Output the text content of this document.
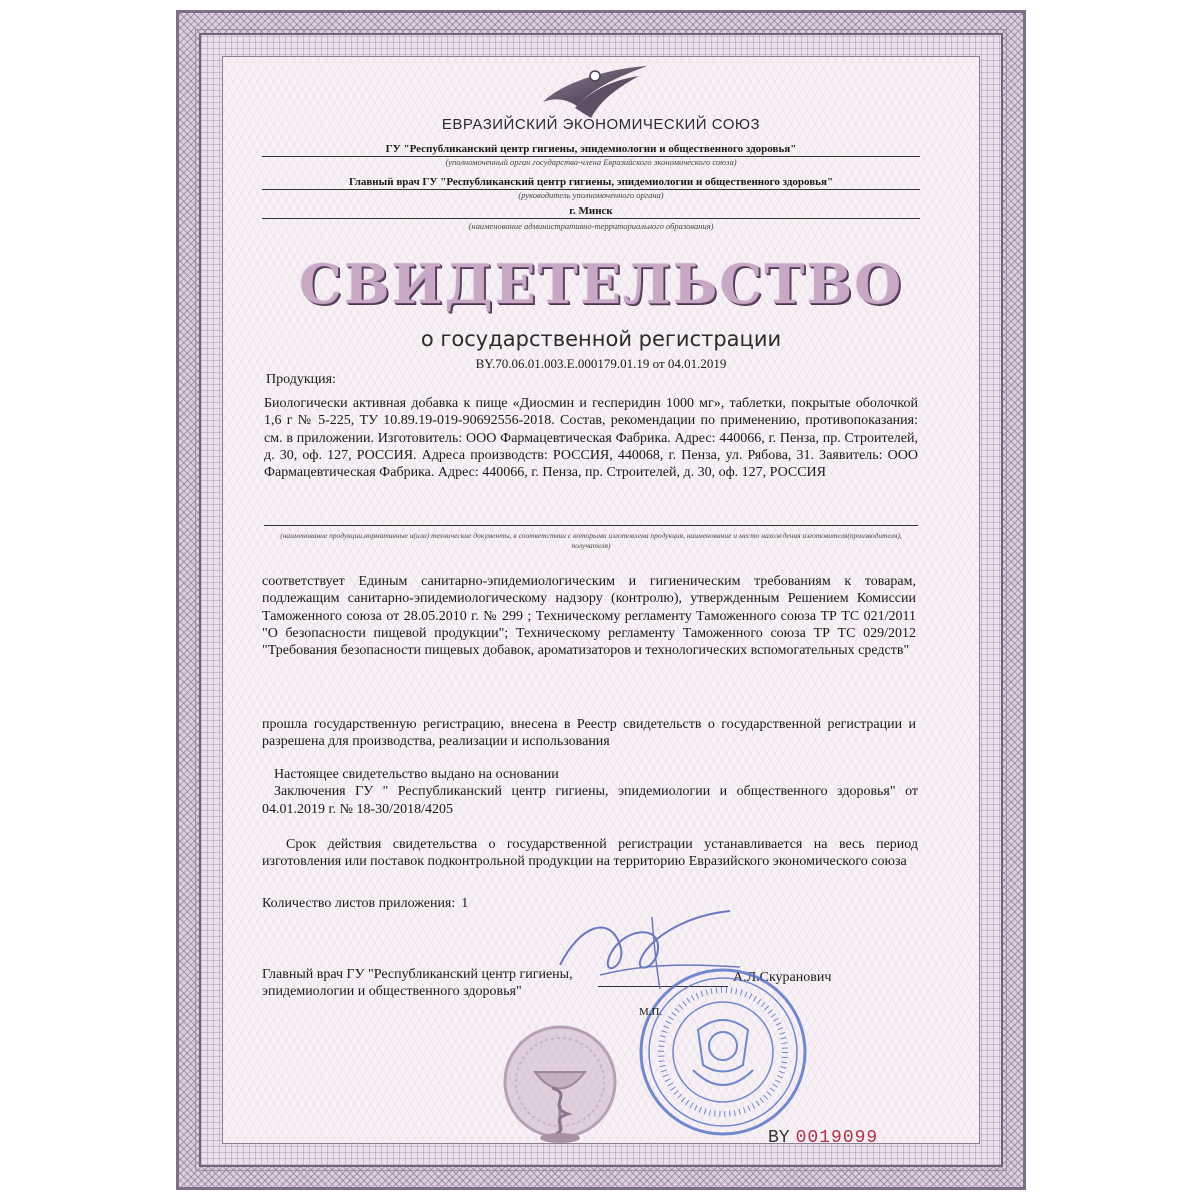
ЕВРАЗИЙСКИЙ ЭКОНОМИЧЕСКИЙ СОЮЗ
ГУ "Республиканский центр гигиены, эпидемиологии и общественного здоровья"
(уполномоченный орган государства-члена Евразийского экономического союза)
Главный врач ГУ "Республиканский центр гигиены, эпидемиологии и общественного здоровья"
(руководитель уполномоченного органа)
г. Минск
(наименование административно-территориального образования)
СВИДЕТЕЛЬСТВО
о государственной регистрации
BY.70.06.01.003.E.000179.01.19 от 04.01.2019
Продукция:
Биологически активная добавка к пище «Диосмин и гесперидин 1000 мг», таблетки, покрытые оболочкой 1,6 г № 5-225, ТУ 10.89.19-019-90692556-2018. Состав, рекомендации по применению, противопоказания: см. в приложении. Изготовитель: ООО Фармацевтическая Фабрика. Адрес: 440066, г. Пенза, пр. Строителей, д. 30, оф. 127, РОССИЯ. Адреса производств: РОССИЯ, 440068, г. Пенза, ул. Рябова, 31. Заявитель: ООО Фармацевтическая Фабрика. Адрес: 440066, г. Пенза, пр. Строителей, д. 30, оф. 127, РОССИЯ
(наименование продукции,нормативные и(или) технические документы, в соответствии с которыми изготовлена продукция, наименование и место нахождения изготовителя(производителя), получателя)
соответствует Единым санитарно-эпидемиологическим и гигиеническим требованиям к товарам, подлежащим санитарно-эпидемиологическому надзору (контролю), утвержденным Решением Комиссии Таможенного союза от 28.05.2010 г. № 299 ; Техническому регламенту Таможенного союза ТР ТС 021/2011 "О безопасности пищевой продукции"; Техническому регламенту Таможенного союза ТР ТС 029/2012 "Требования безопасности пищевых добавок, ароматизаторов и технологических вспомогательных средств"
прошла государственную регистрацию, внесена в Реестр свидетельств о государственной регистрации и разрешена для производства, реализации и использования
Настоящее свидетельство выдано на основании
Заключения ГУ " Республиканский центр гигиены, эпидемиологии и общественного здоровья" от 04.01.2019 г. № 18-30/2018/4205
Срок действия свидетельства о государственной регистрации устанавливается на весь период изготовления или поставок подконтрольной продукции на территорию Евразийского экономического союза
Количество листов приложения: 1
Главный врач ГУ "Республиканский центр гигиены, эпидемиологии и общественного здоровья"
А.Л.Скуранович
М.П.
BY 0019099
